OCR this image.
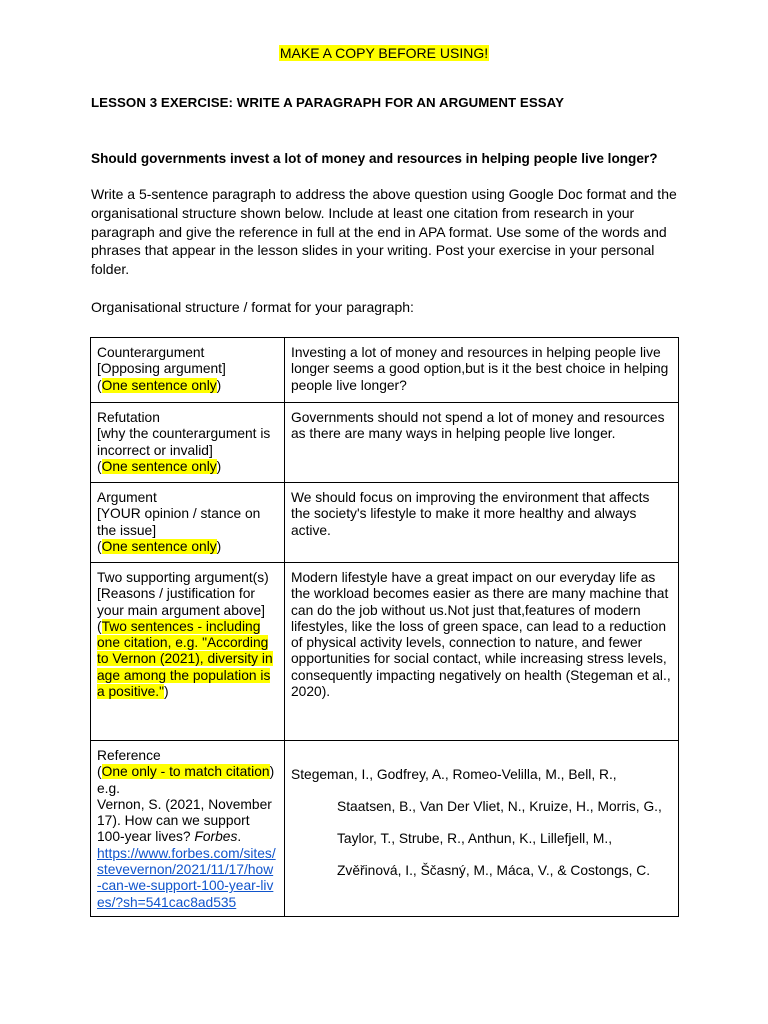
MAKE A COPY BEFORE USING!
LESSON 3 EXERCISE: WRITE A PARAGRAPH FOR AN ARGUMENT ESSAY
Should governments invest a lot of money and resources in helping people live longer?
Write a 5-sentence paragraph to address the above question using Google Doc format and the
organisational structure shown below. Include at least one citation from research in your
paragraph and give the reference in full at the end in APA format. Use some of the words and
phrases that appear in the lesson slides in your writing. Post your exercise in your personal
folder.
Organisational structure / format for your paragraph:
Counterargument
[Opposing argument]
(One sentence only)
Investing a lot of money and resources in helping people live
longer seems a good option,but is it the best choice in helping
people live longer?
Refutation
[why the counterargument is
incorrect or invalid]
(One sentence only)
Governments should not spend a lot of money and resources
as there are many ways in helping people live longer.
Argument
[YOUR opinion / stance on
the issue]
(One sentence only)
We should focus on improving the environment that affects
the society's lifestyle to make it more healthy and always
active.
Two supporting argument(s)
[Reasons / justification for
your main argument above]
(Two sentences - including
one citation, e.g. "According
to Vernon (2021), diversity in
age among the population is
a positive.")
Modern lifestyle have a great impact on our everyday life as
the workload becomes easier as there are many machine that
can do the job without us.Not just that,features of modern
lifestyles, like the loss of green space, can lead to a reduction
of physical activity levels, connection to nature, and fewer
opportunities for social contact, while increasing stress levels,
consequently impacting negatively on health (Stegeman et al.,
2020).
Reference
(One only - to match citation)
e.g.
Vernon, S. (2021, November
17). How can we support
100-year lives? Forbes.
https://www.forbes.com/sites/
stevevernon/2021/11/17/how
-can-we-support-100-year-liv
es/?sh=541cac8ad535
Stegeman, I., Godfrey, A., Romeo-Velilla, M., Bell, R.,
Staatsen, B., Van Der Vliet, N., Kruize, H., Morris, G.,
Taylor, T., Strube, R., Anthun, K., Lillefjell, M.,
Zvěřinová, I., Ščasný, M., Máca, V., & Costongs, C.
